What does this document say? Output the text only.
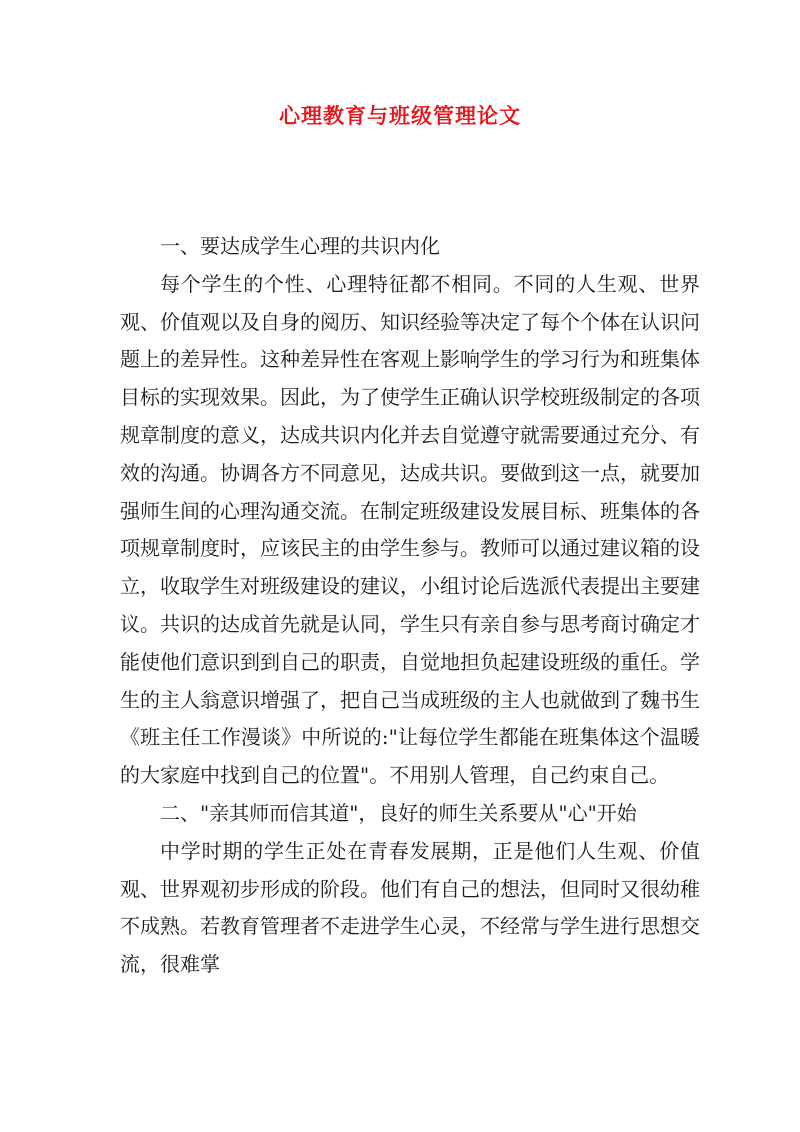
心理教育与班级管理论文

一、要达成学生心理的共识内化

每个学生的个性、心理特征都不相同。不同的人生观、世界观、价值观以及自身的阅历、知识经验等决定了每个个体在认识问题上的差异性。这种差异性在客观上影响学生的学习行为和班集体目标的实现效果。因此，为了使学生正确认识学校班级制定的各项规章制度的意义，达成共识内化并去自觉遵守就需要通过充分、有效的沟通。协调各方不同意见，达成共识。要做到这一点，就要加强师生间的心理沟通交流。在制定班级建设发展目标、班集体的各项规章制度时，应该民主的由学生参与。教师可以通过建议箱的设立，收取学生对班级建设的建议，小组讨论后选派代表提出主要建议。共识的达成首先就是认同，学生只有亲自参与思考商讨确定才能使他们意识到到自己的职责，自觉地担负起建设班级的重任。学生的主人翁意识增强了，把自己当成班级的主人也就做到了魏书生《班主任工作漫谈》中所说的:"让每位学生都能在班集体这个温暖的大家庭中找到自己的位置"。不用别人管理，自己约束自己。

二、"亲其师而信其道"，良好的师生关系要从"心"开始

中学时期的学生正处在青春发展期，正是他们人生观、价值观、世界观初步形成的阶段。他们有自己的想法，但同时又很幼稚不成熟。若教育管理者不走进学生心灵，不经常与学生进行思想交流，很难掌
